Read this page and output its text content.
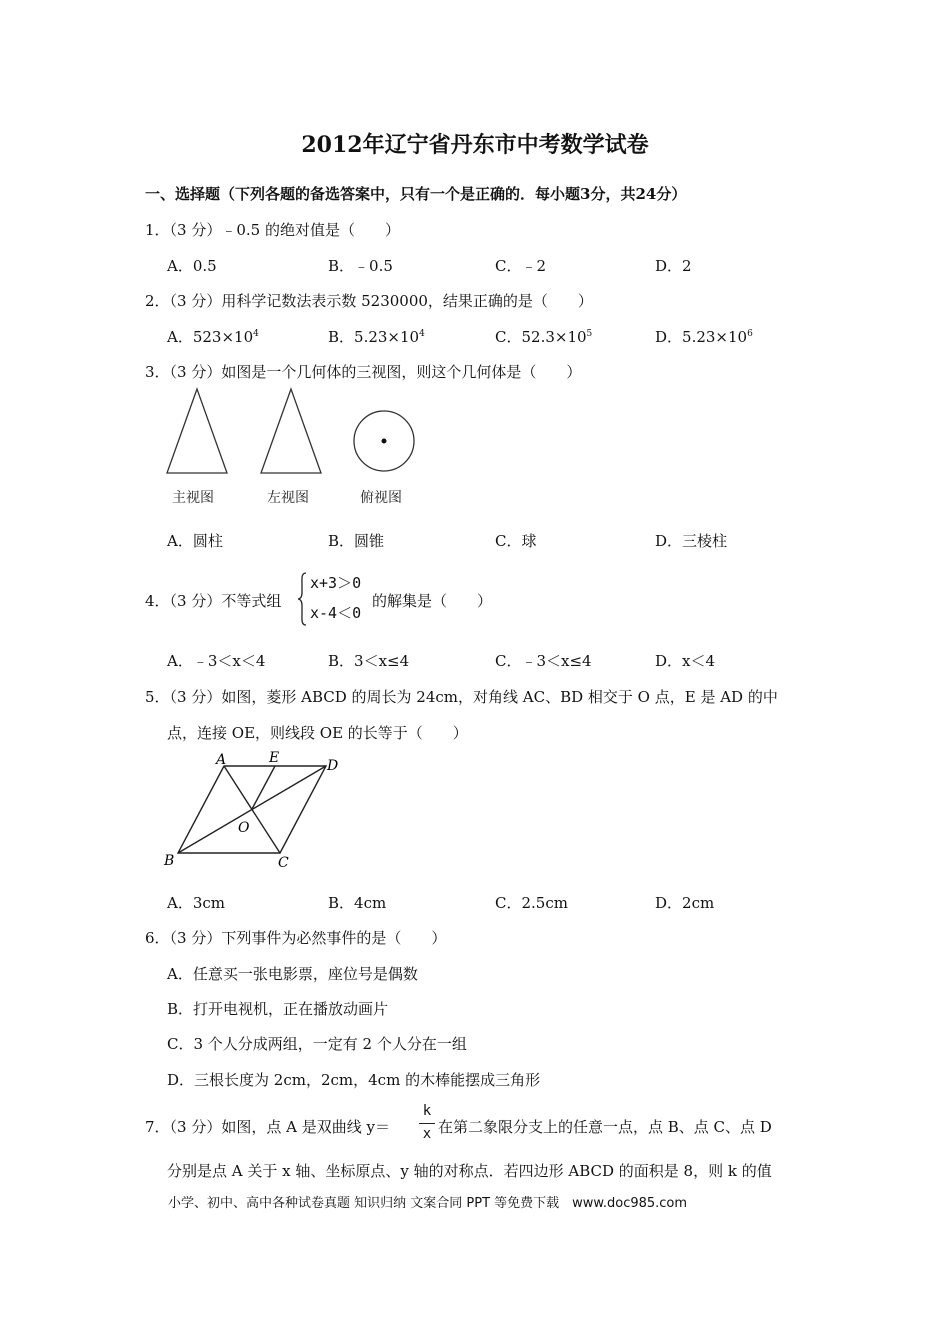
2012年辽宁省丹东市中考数学试卷
一、选择题（下列各题的备选答案中，只有一个是正确的．每小题3分，共24分）
1．（3 分）﹣0.5 的绝对值是（　　）
A．0.5	B．﹣0.5	C．﹣2	D．2
2．（3 分）用科学记数法表示数 5230000，结果正确的是（　　）
A．$523\times 10^4$	B．$5.23\times 10^4$	C．$52.3\times 10^5$	D．$5.23\times 10^6$
3．（3 分）如图是一个几何体的三视图，则这个几何体是（　　）
主视图	左视图	俯视图
A．圆柱	B．圆锥	C．球	D．三棱柱
4．（3 分）不等式组
x+3＞0
x-4＜0
的解集是（　　）
A．﹣3＜x＜4	B．3＜x≤4	C．﹣3＜x≤4	D．x＜4
5．（3 分）如图，菱形 ABCD 的周长为 24cm，对角线 AC、BD 相交于 O 点，E 是 AD 的中
点，连接 OE，则线段 OE 的长等于（　　）
A	E	D
O
B	C
A．3cm	B．4cm	C．2.5cm	D．2cm
6．（3 分）下列事件为必然事件的是（　　）
A．任意买一张电影票，座位号是偶数
B．打开电视机，正在播放动画片
C．3 个人分成两组，一定有 2 个人分在一组
D．三根长度为 2cm，2cm，4cm 的木棒能摆成三角形
7．（3 分）如图，点 A 是双曲线 y＝
k
x 在第二象限分支上的任意一点，点 B、点 C、点 D
分别是点 A 关于 x 轴、坐标原点、y 轴的对称点．若四边形 ABCD 的面积是 8，则 k 的值
小学、初中、高中各种试卷真题 知识归纳 文案合同 PPT 等免费下载　www.doc985.com
